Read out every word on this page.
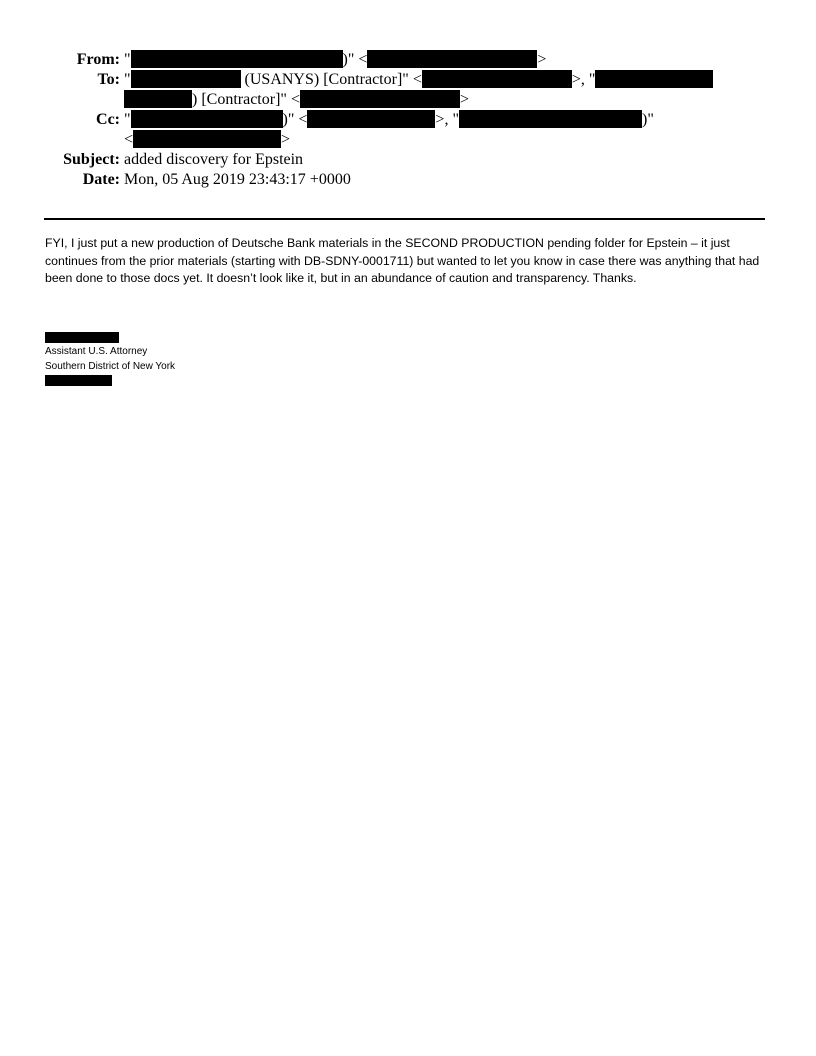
From: "	)" <	>
To: "	(USANYS) [Contractor]" <	>, "
) [Contractor]" <	>
Cc: "	)" <	>, "	)"
<	>
Subject: added discovery for Epstein
Date: Mon, 05 Aug 2019 23:43:17 +0000
FYI, I just put a new production of Deutsche Bank materials in the SECOND PRODUCTION pending folder for Epstein – it just continues from the prior materials (starting with DB-SDNY-0001711) but wanted to let you know in case there was anything that had been done to those docs yet. It doesn’t look like it, but in an abundance of caution and transparency. Thanks.
Assistant U.S. Attorney
Southern District of New York
